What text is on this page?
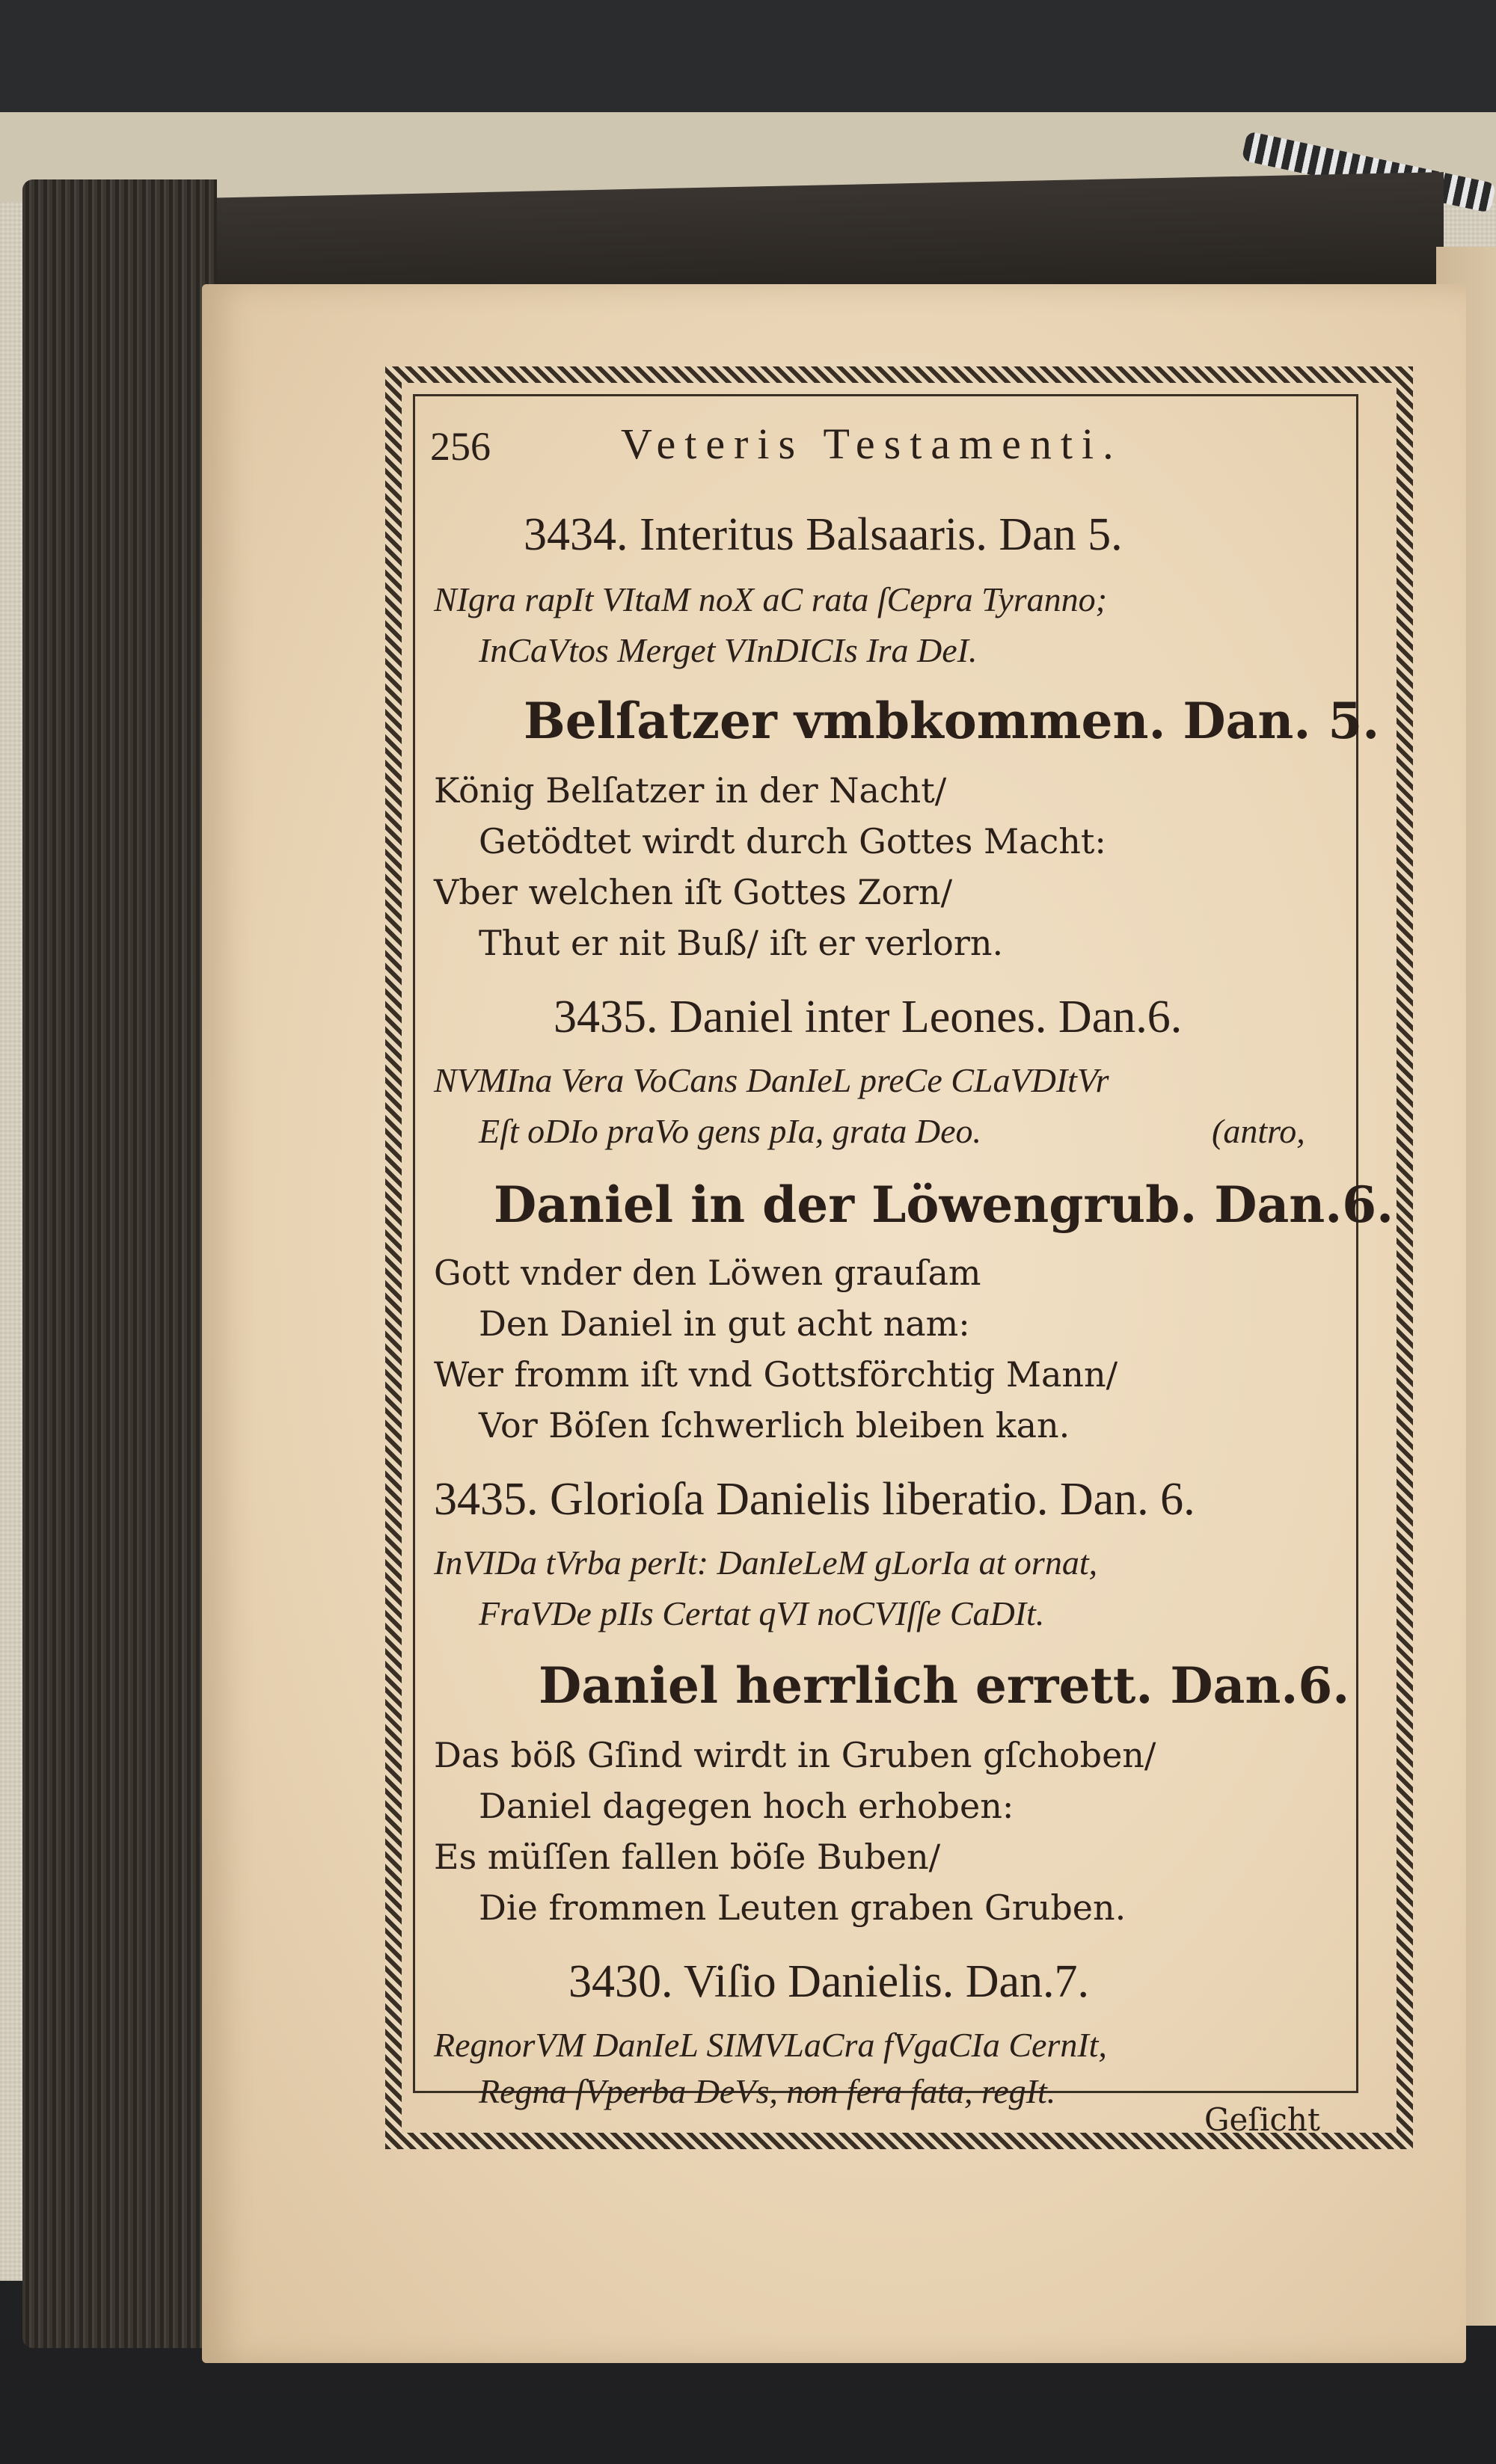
256	Veteris Testamenti.
3434. Interitus Balsaaris. Dan 5.
NIgra rapIt VItaM noX aC rata ſCepra Tyranno;
InCaVtos Merget VInDICIs Ira DeI.
Belſatzer vmbkommen. Dan. 5.
König Belſatzer in der Nacht/
Getödtet wirdt durch Gottes Macht:
Vber welchen iſt Gottes Zorn/
Thut er nit Buß/ iſt er verlorn.
3435. Daniel inter Leones. Dan.6.
NVMIna Vera VoCans DanIeL preCe CLaVDItVr
Eſt oDIo praVo gens pIa, grata Deo.	(antro,
Daniel in der Löwengrub. Dan.6.
Gott vnder den Löwen grauſam
Den Daniel in gut acht nam:
Wer fromm iſt vnd Gottsförchtig Mann/
Vor Böſen ſchwerlich bleiben kan.
3435. Glorioſa Danielis liberatio. Dan. 6.
InVIDa tVrba perIt: DanIeLeM gLorIa at ornat,
FraVDe pIIs Certat qVI noCVIſſe CaDIt.
Daniel herrlich errett. Dan.6.
Das böß Gſind wirdt in Gruben gſchoben/
Daniel dagegen hoch erhoben:
Es müſſen fallen böſe Buben/
Die frommen Leuten graben Gruben.
3430. Viſio Danielis. Dan.7.
RegnorVM DanIeL SIMVLaCra fVgaCIa CernIt,
Regna ſVperba DeVs, non fera fata, regIt.
Geſicht
